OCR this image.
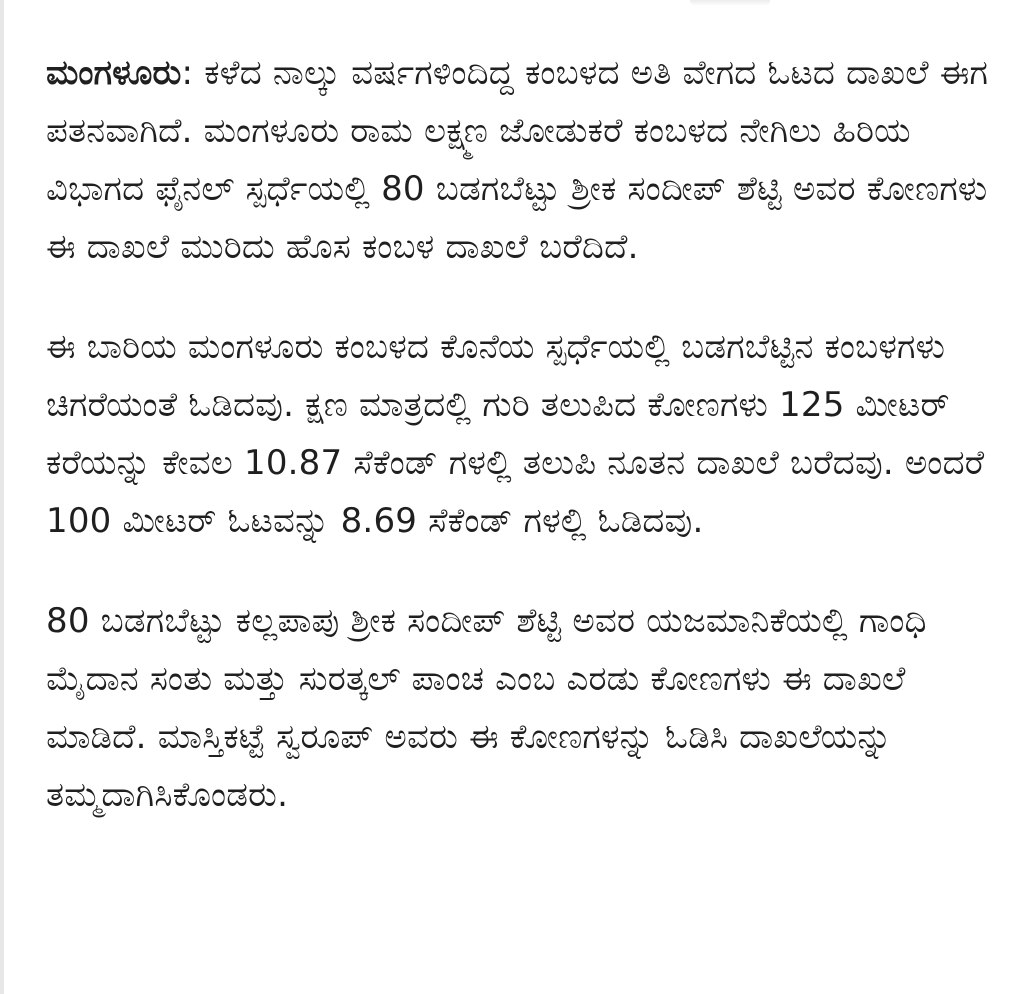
ಮಂಗಳೂರು: ಕಳೆದ ನಾಲ್ಕು ವರ್ಷಗಳಿಂದಿದ್ದ ಕಂಬಳದ ಅತಿ ವೇಗದ ಓಟದ ದಾಖಲೆ ಈಗ ಪತನವಾಗಿದೆ. ಮಂಗಳೂರು ರಾಮ ಲಕ್ಷ್ಮಣ ಜೋಡುಕರೆ ಕಂಬಳದ ನೇಗಿಲು ಹಿರಿಯ ವಿಭಾಗದ ಫೈನಲ್ ಸ್ಪರ್ಧೆಯಲ್ಲಿ 80 ಬಡಗಬೆಟ್ಟು ಶ್ರೀಕ ಸಂದೀಪ್ ಶೆಟ್ಟಿ ಅವರ ಕೋಣಗಳು ಈ ದಾಖಲೆ ಮುರಿದು ಹೊಸ ಕಂಬಳ ದಾಖಲೆ ಬರೆದಿದೆ.

ಈ ಬಾರಿಯ ಮಂಗಳೂರು ಕಂಬಳದ ಕೊನೆಯ ಸ್ಪರ್ಧೆಯಲ್ಲಿ ಬಡಗಬೆಟ್ಟಿನ ಕಂಬಳಗಳು ಚಿಗರೆಯಂತೆ ಓಡಿದವು. ಕ್ಷಣ ಮಾತ್ರದಲ್ಲಿ ಗುರಿ ತಲುಪಿದ ಕೋಣಗಳು 125 ಮೀಟರ್ ಕರೆಯನ್ನು ಕೇವಲ 10.87 ಸೆಕೆಂಡ್ ಗಳಲ್ಲಿ ತಲುಪಿ ನೂತನ ದಾಖಲೆ ಬರೆದವು. ಅಂದರೆ 100 ಮೀಟರ್ ಓಟವನ್ನು 8.69 ಸೆಕೆಂಡ್ ಗಳಲ್ಲಿ ಓಡಿದವು.

80 ಬಡಗಬೆಟ್ಟು ಕಲ್ಲಪಾಪು ಶ್ರೀಕ ಸಂದೀಪ್ ಶೆಟ್ಟಿ ಅವರ ಯಜಮಾನಿಕೆಯಲ್ಲಿ ಗಾಂಧಿ ಮೈದಾನ ಸಂತು ಮತ್ತು ಸುರತ್ಕಲ್ ಪಾಂಚ ಎಂಬ ಎರಡು ಕೋಣಗಳು ಈ ದಾಖಲೆ ಮಾಡಿದೆ. ಮಾಸ್ತಿಕಟ್ಟೆ ಸ್ವರೂಪ್ ಅವರು ಈ ಕೋಣಗಳನ್ನು ಓಡಿಸಿ ದಾಖಲೆಯನ್ನು ತಮ್ಮದಾಗಿಸಿಕೊಂಡರು.
